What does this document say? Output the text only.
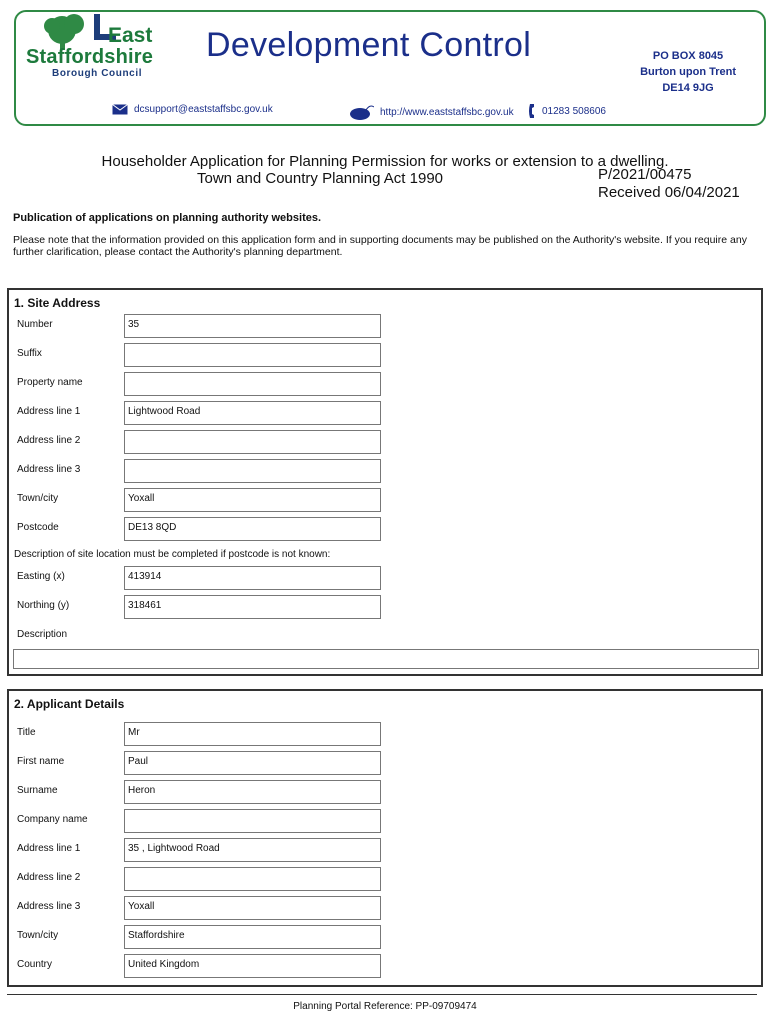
East
Staffordshire
Borough Council
Development Control	PO BOX 8045
Burton upon Trent
DE14 9JG
dcsupport@eaststaffsbc.gov.uk	http://www.eaststaffsbc.gov.uk	01283 508606
Householder Application for Planning Permission for works or extension to a dwelling.
Town and Country Planning Act 1990	P/2021/00475
Received 06/04/2021
Publication of applications on planning authority websites.
Please note that the information provided on this application form and in supporting documents may be published on the Authority's website. If you require any further clarification, please contact the Authority's planning department.
1. Site Address
Number	35
Suffix
Property name
Address line 1	Lightwood Road
Address line 2
Address line 3
Town/city	Yoxall
Postcode	DE13 8QD
Description of site location must be completed if postcode is not known:
Easting (x)	413914
Northing (y)	318461
Description
2. Applicant Details
Title	Mr
First name	Paul
Surname	Heron
Company name
Address line 1	35 , Lightwood Road
Address line 2
Address line 3	Yoxall
Town/city	Staffordshire
Country	United Kingdom
Planning Portal Reference: PP-09709474
